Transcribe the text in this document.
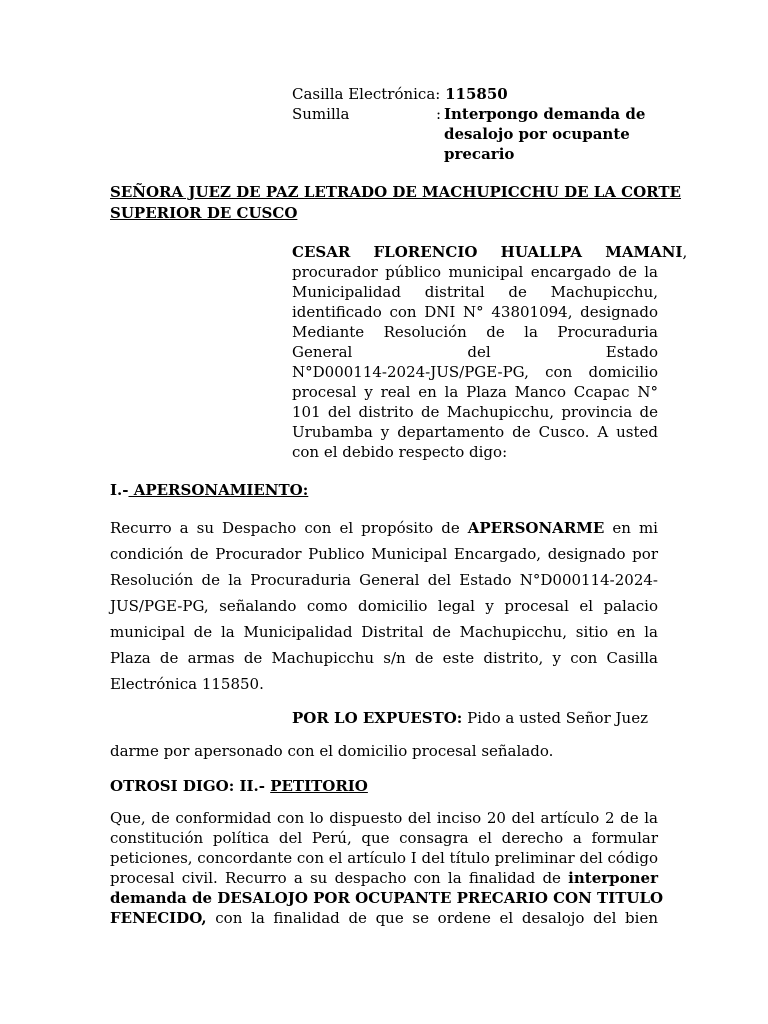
Casilla Electrónica: 115850
Sumilla	: Interpongo demanda de
desalojo por ocupante
precario
SEÑORA JUEZ DE PAZ LETRADO DE MACHUPICCHU DE LA CORTE
SUPERIOR DE CUSCO
CESAR FLORENCIO HUALLPA MAMANI,
procurador público municipal encargado de la
Municipalidad distrital de Machupicchu,
identificado con DNI N° 43801094, designado
Mediante Resolución de la Procuraduria
General del Estado
N°D000114-2024-JUS/PGE-PG, con domicilio
procesal y real en la Plaza Manco Ccapac N°
101 del distrito de Machupicchu, provincia de
Urubamba y departamento de Cusco. A usted
con el debido respecto digo:
I.- APERSONAMIENTO:
Recurro a su Despacho con el propósito de APERSONARME en mi
condición de Procurador Publico Municipal Encargado, designado por
Resolución de la Procuraduria General del Estado N°D000114-2024-
JUS/PGE-PG, señalando como domicilio legal y procesal el palacio
municipal de la Municipalidad Distrital de Machupicchu, sitio en la
Plaza de armas de Machupicchu s/n de este distrito, y con Casilla
Electrónica 115850.
POR LO EXPUESTO: Pido a usted Señor Juez
darme por apersonado con el domicilio procesal señalado.
OTROSI DIGO: II.- PETITORIO
Que, de conformidad con lo dispuesto del inciso 20 del artículo 2 de la
constitución política del Perú, que consagra el derecho a formular
peticiones, concordante con el artículo I del título preliminar del código
procesal civil. Recurro a su despacho con la finalidad de interponer
demanda de DESALOJO POR OCUPANTE PRECARIO CON TITULO
FENECIDO, con la finalidad de que se ordene el desalojo del bien
